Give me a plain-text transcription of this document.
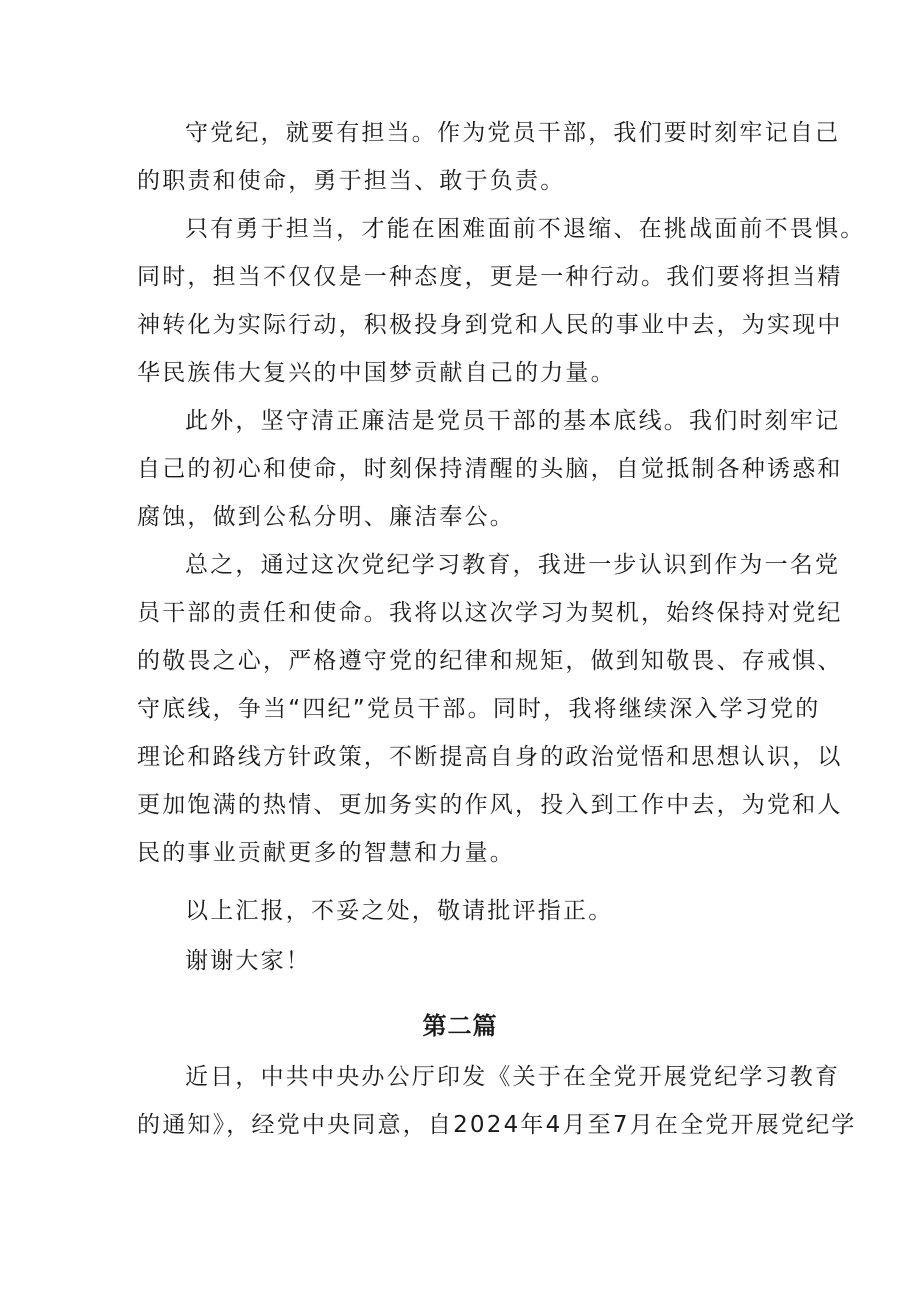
守党纪，就要有担当。作为党员干部，我们要时刻牢记自己
的职责和使命，勇于担当、敢于负责。
只有勇于担当，才能在困难面前不退缩、在挑战面前不畏惧。
同时，担当不仅仅是一种态度，更是一种行动。我们要将担当精
神转化为实际行动，积极投身到党和人民的事业中去，为实现中
华民族伟大复兴的中国梦贡献自己的力量。
此外，坚守清正廉洁是党员干部的基本底线。我们时刻牢记
自己的初心和使命，时刻保持清醒的头脑，自觉抵制各种诱惑和
腐蚀，做到公私分明、廉洁奉公。
总之，通过这次党纪学习教育，我进一步认识到作为一名党
员干部的责任和使命。我将以这次学习为契机，始终保持对党纪
的敬畏之心，严格遵守党的纪律和规矩，做到知敬畏、存戒惧、
守底线，争当“四纪”党员干部。同时，我将继续深入学习党的
理论和路线方针政策，不断提高自身的政治觉悟和思想认识，以
更加饱满的热情、更加务实的作风，投入到工作中去，为党和人
民的事业贡献更多的智慧和力量。
以上汇报，不妥之处，敬请批评指正。
谢谢大家！
第二篇
近日，中共中央办公厅印发《关于在全党开展党纪学习教育
的通知》，经党中央同意，自2024年4月至7月在全党开展党纪学
